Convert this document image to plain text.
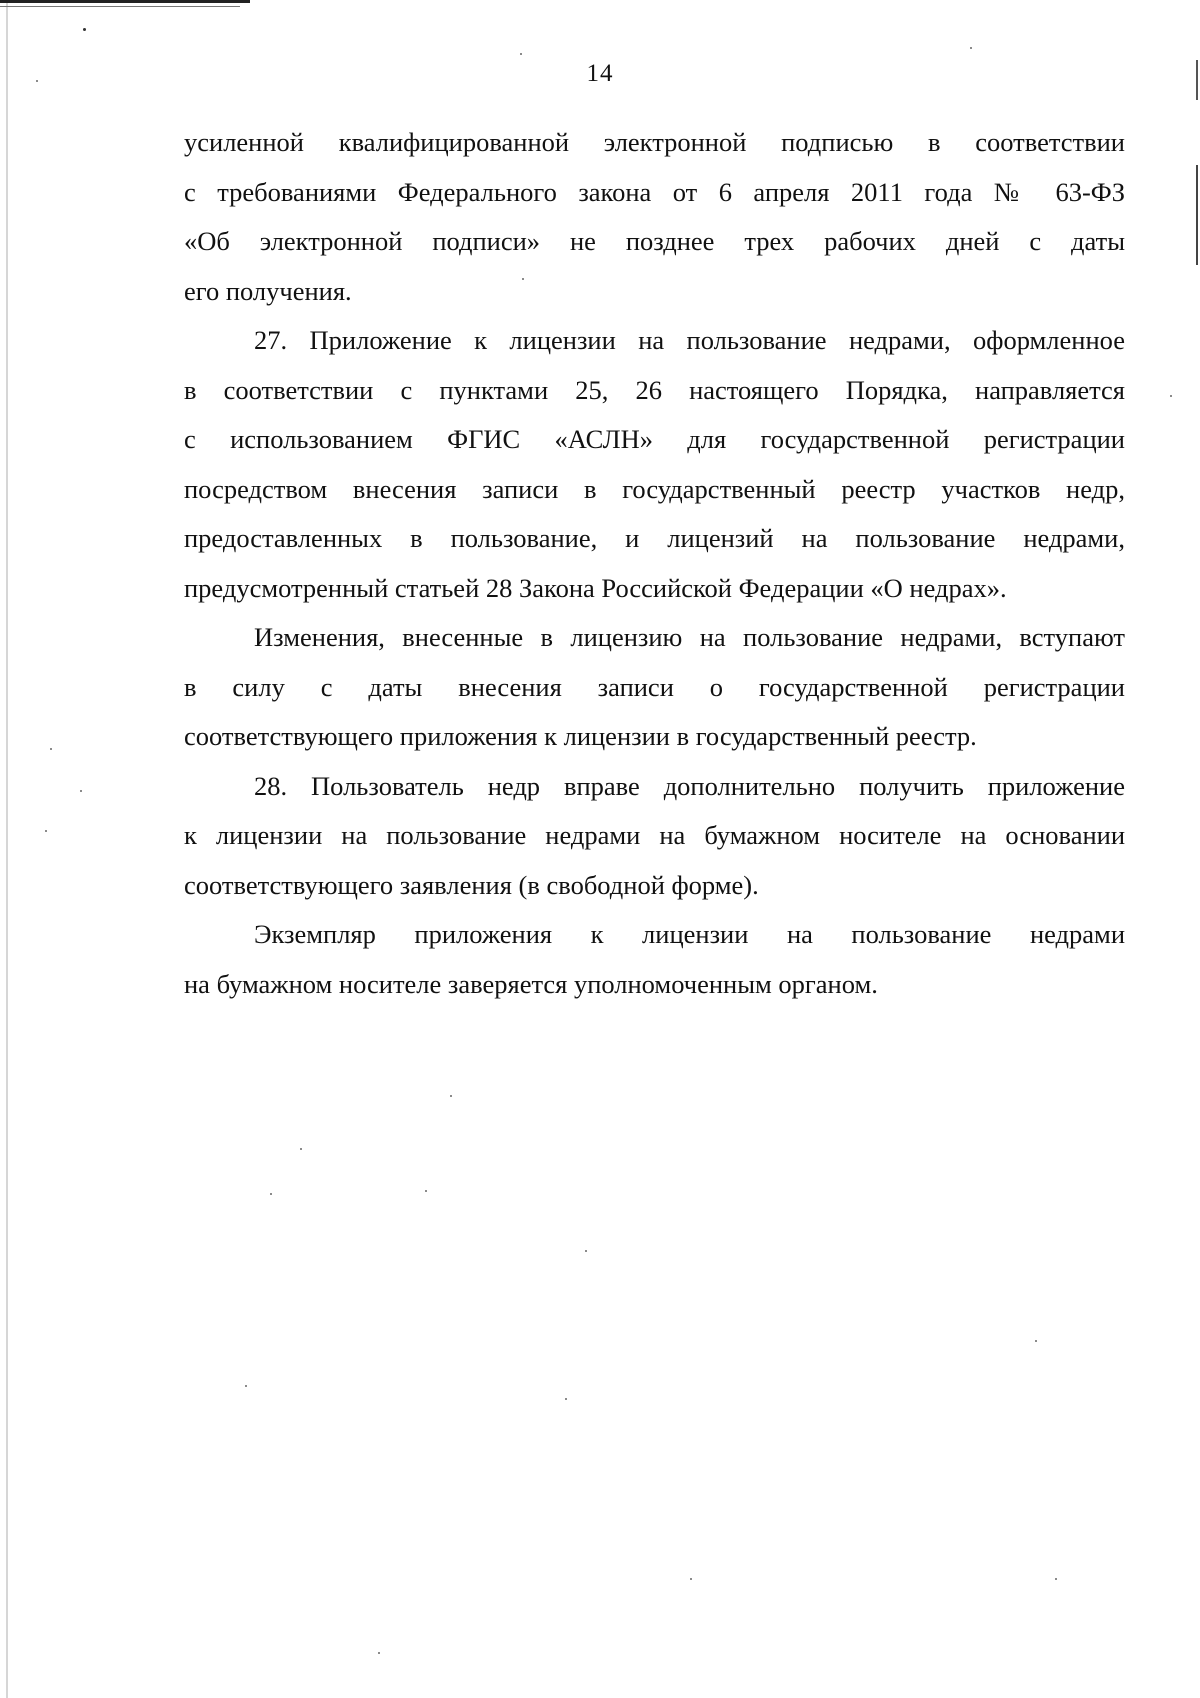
14
усиленной квалифицированной электронной подписью в соответствии
с требованиями Федерального закона от 6 апреля 2011 года № 63-ФЗ
«Об электронной подписи» не позднее трех рабочих дней с даты
его получения.
27. Приложение к лицензии на пользование недрами, оформленное
в соответствии с пунктами 25, 26 настоящего Порядка, направляется
с использованием ФГИС «АСЛН» для государственной регистрации
посредством внесения записи в государственный реестр участков недр,
предоставленных в пользование, и лицензий на пользование недрами,
предусмотренный статьей 28 Закона Российской Федерации «О недрах».
Изменения, внесенные в лицензию на пользование недрами, вступают
в силу с даты внесения записи о государственной регистрации
соответствующего приложения к лицензии в государственный реестр.
28. Пользователь недр вправе дополнительно получить приложение
к лицензии на пользование недрами на бумажном носителе на основании
соответствующего заявления (в свободной форме).
Экземпляр приложения к лицензии на пользование недрами
на бумажном носителе заверяется уполномоченным органом.
